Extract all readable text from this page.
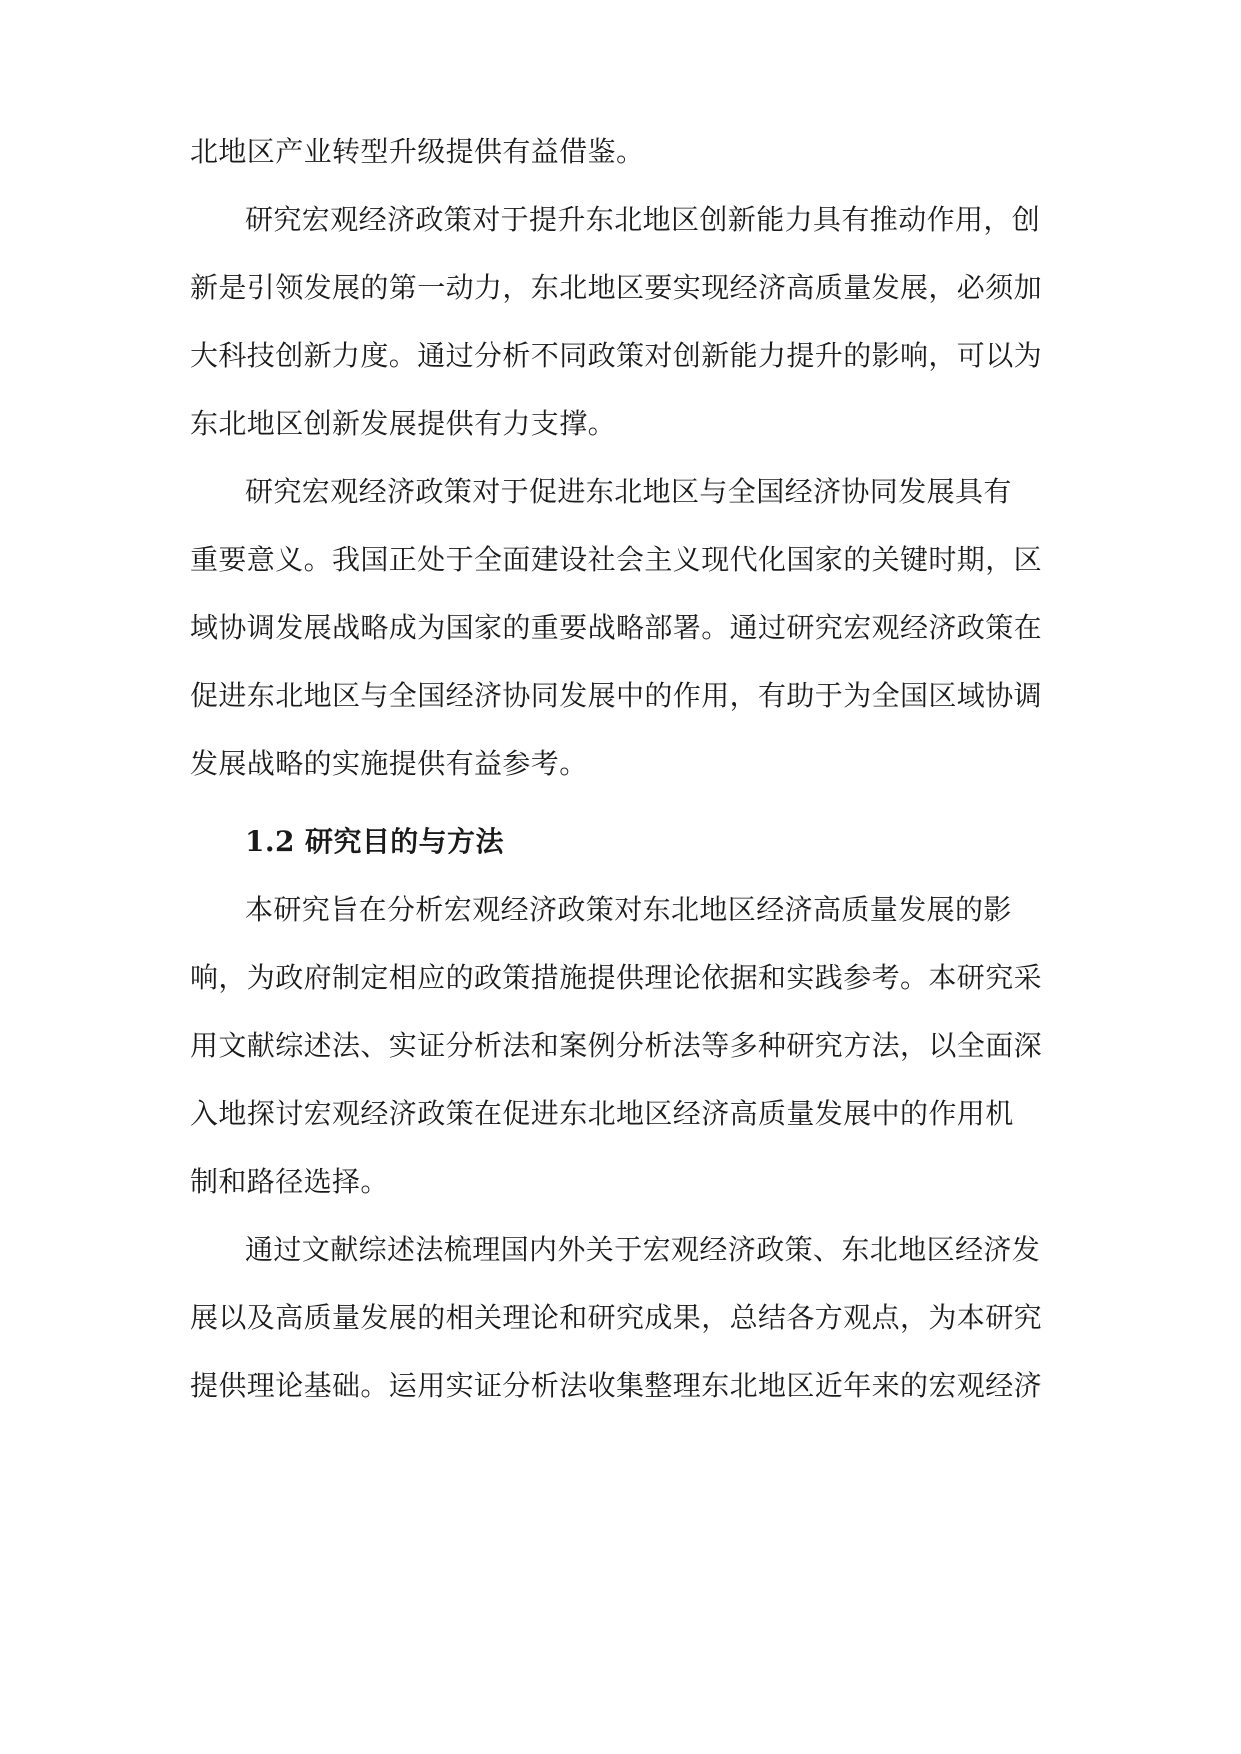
北地区产业转型升级提供有益借鉴。
研究宏观经济政策对于提升东北地区创新能力具有推动作用，创
新是引领发展的第一动力，东北地区要实现经济高质量发展，必须加
大科技创新力度。通过分析不同政策对创新能力提升的影响，可以为
东北地区创新发展提供有力支撑。
研究宏观经济政策对于促进东北地区与全国经济协同发展具有
重要意义。我国正处于全面建设社会主义现代化国家的关键时期，区
域协调发展战略成为国家的重要战略部署。通过研究宏观经济政策在
促进东北地区与全国经济协同发展中的作用，有助于为全国区域协调
发展战略的实施提供有益参考。
1.2 研究目的与方法
本研究旨在分析宏观经济政策对东北地区经济高质量发展的影
响，为政府制定相应的政策措施提供理论依据和实践参考。本研究采
用文献综述法、实证分析法和案例分析法等多种研究方法，以全面深
入地探讨宏观经济政策在促进东北地区经济高质量发展中的作用机
制和路径选择。
通过文献综述法梳理国内外关于宏观经济政策、东北地区经济发
展以及高质量发展的相关理论和研究成果，总结各方观点，为本研究
提供理论基础。运用实证分析法收集整理东北地区近年来的宏观经济
